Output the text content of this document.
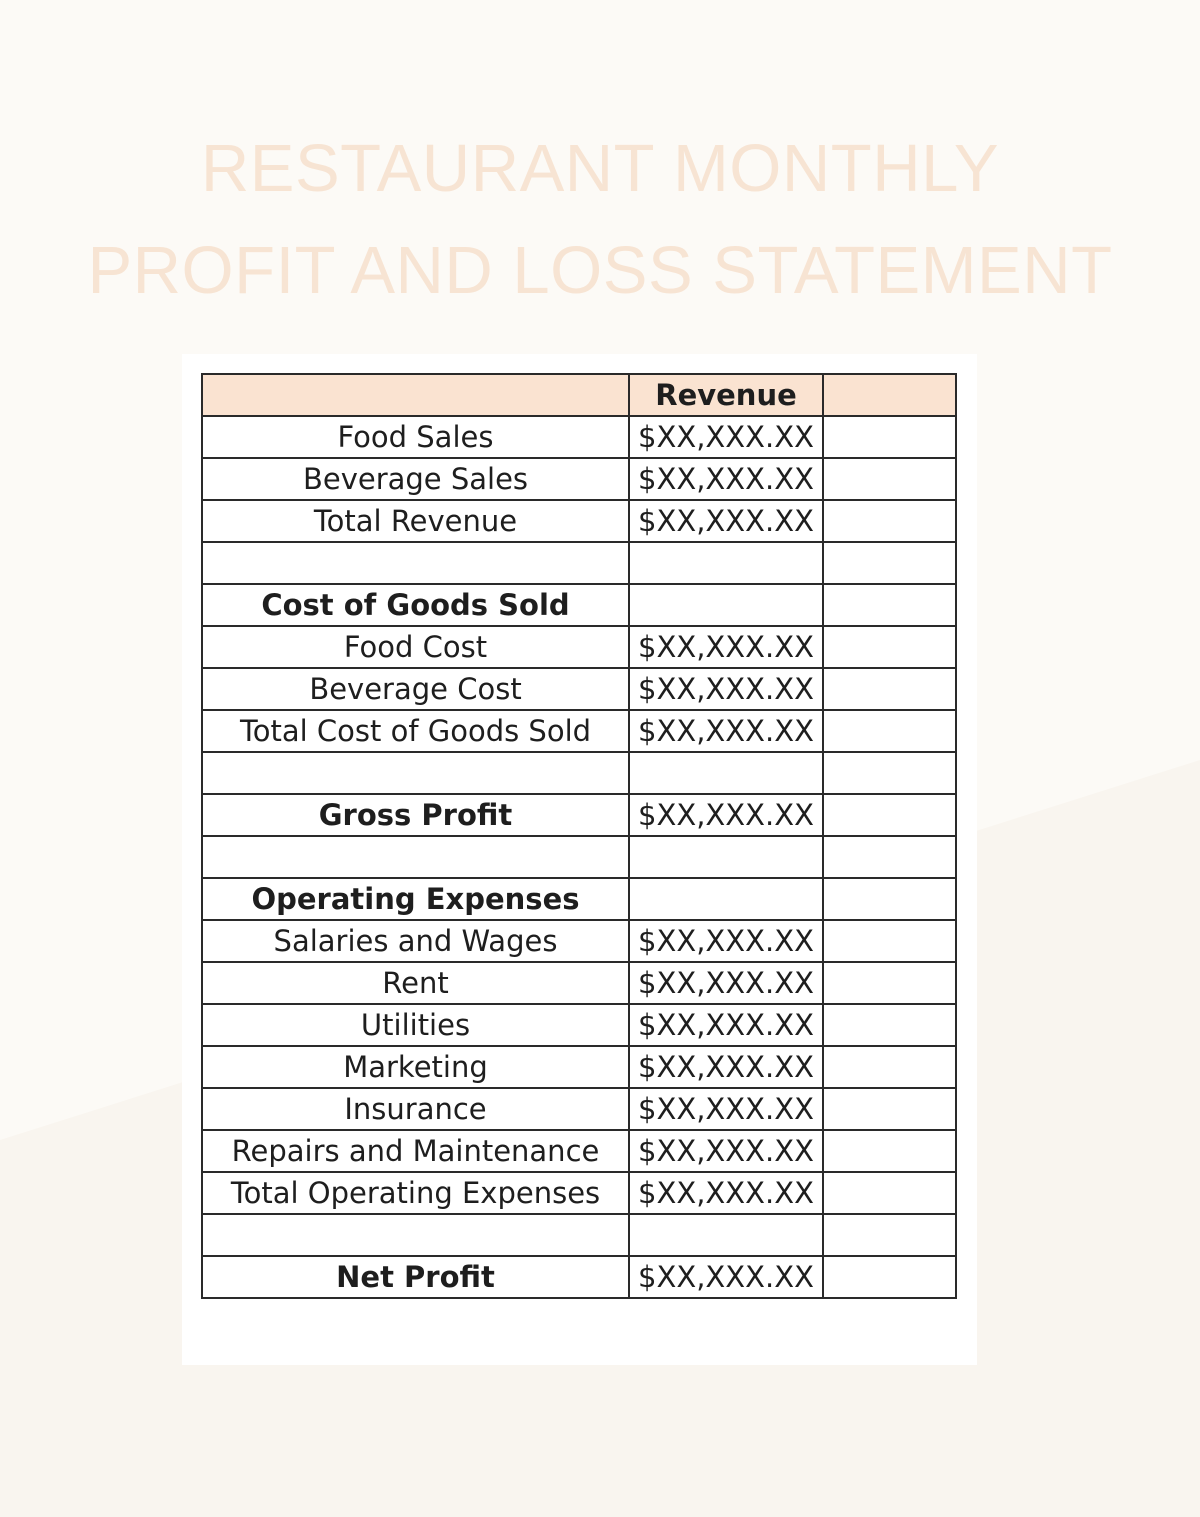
RESTAURANT MONTHLY
PROFIT AND LOSS STATEMENT
	Revenue	
Food Sales	$XX,XXX.XX	
Beverage Sales	$XX,XXX.XX	
Total Revenue	$XX,XXX.XX	

Cost of Goods Sold		
Food Cost	$XX,XXX.XX	
Beverage Cost	$XX,XXX.XX	
Total Cost of Goods Sold	$XX,XXX.XX	

Gross Profit	$XX,XXX.XX	

Operating Expenses		
Salaries and Wages	$XX,XXX.XX	
Rent	$XX,XXX.XX	
Utilities	$XX,XXX.XX	
Marketing	$XX,XXX.XX	
Insurance	$XX,XXX.XX	
Repairs and Maintenance	$XX,XXX.XX	
Total Operating Expenses	$XX,XXX.XX	

Net Profit	$XX,XXX.XX	
